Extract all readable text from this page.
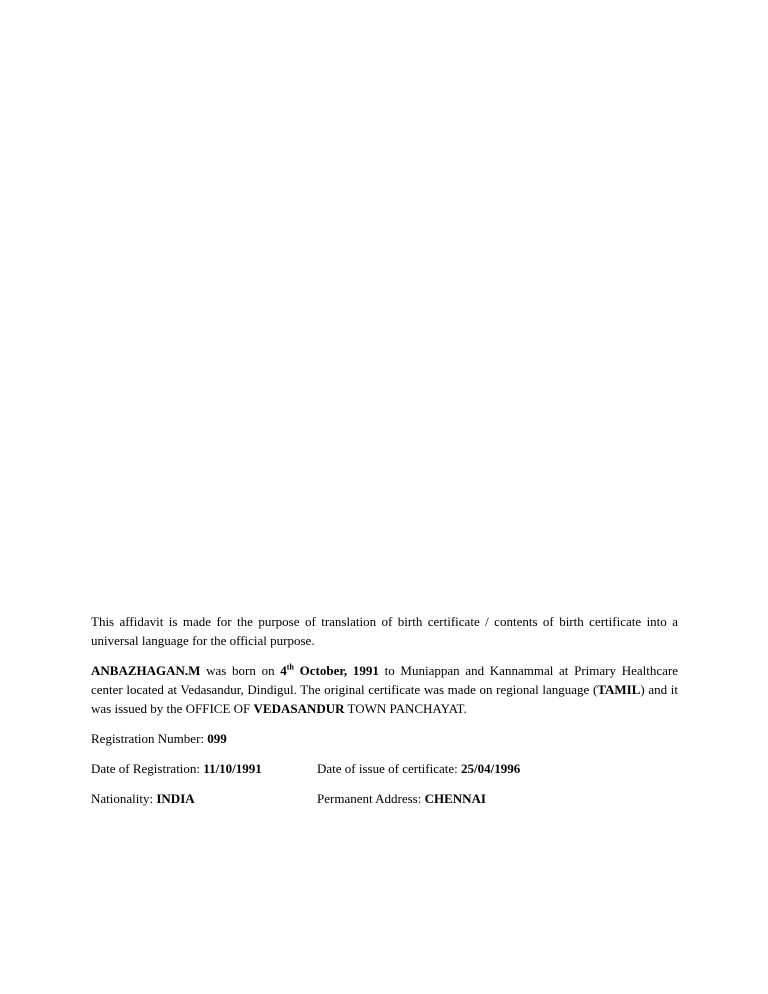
This affidavit is made for the purpose of translation of birth certificate / contents of birth certificate into a universal language for the official purpose.

ANBAZHAGAN.M was born on 4th October, 1991 to Muniappan and Kannammal at Primary Healthcare center located at Vedasandur, Dindigul. The original certificate was made on regional language (TAMIL) and it was issued by the OFFICE OF VEDASANDUR TOWN PANCHAYAT.

Registration Number: 099

Date of Registration: 11/10/1991	Date of issue of certificate: 25/04/1996
Nationality: INDIA	Permanent Address: CHENNAI
